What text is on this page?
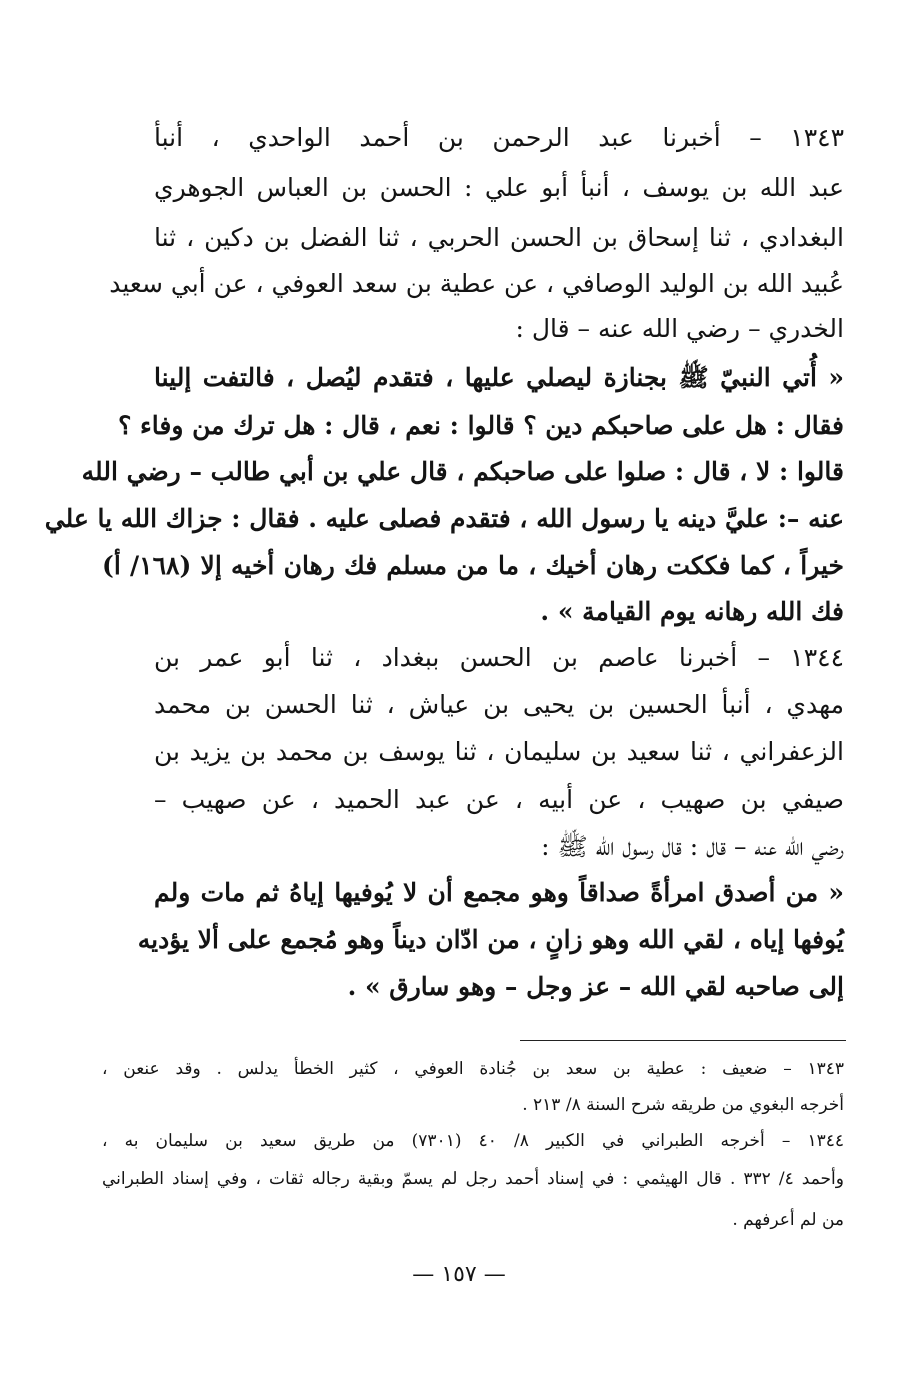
١٣٤٣ – أخبرنا عبد الرحمن بن أحمد الواحدي ، أنبأ
عبد الله بن يوسف ، أنبأ أبو علي : الحسن بن العباس الجوهري
البغدادي ، ثنا إسحاق بن الحسن الحربي ، ثنا الفضل بن دكين ، ثنا
عُبيد الله بن الوليد الوصافي ، عن عطية بن سعد العوفي ، عن أبي سعيد
الخدري – رضي الله عنه – قال :
« أُتي النبيّ ﷺ بجنازة ليصلي عليها ، فتقدم ليُصل ، فالتفت إلينا
فقال : هل على صاحبكم دين ؟ قالوا : نعم ، قال : هل ترك من وفاء ؟
قالوا : لا ، قال : صلوا على صاحبكم ، قال علي بن أبي طالب – رضي الله
عنه –: عليَّ دينه يا رسول الله ، فتقدم فصلى عليه . فقال : جزاك الله يا علي
خيراً ، كما فككت رهان أخيك ، ما من مسلم فك رهان أخيه إلا (١٦٨/ أ)
فك الله رهانه يوم القيامة » .
١٣٤٤ – أخبرنا عاصم بن الحسن ببغداد ، ثنا أبو عمر بن
مهدي ، أنبأ الحسين بن يحيى بن عياش ، ثنا الحسن بن محمد
الزعفراني ، ثنا سعيد بن سليمان ، ثنا يوسف بن محمد بن يزيد بن
صيفي بن صهيب ، عن أبيه ، عن عبد الحميد ، عن صهيب –
رضي الله عنه – قال : قال رسول الله ﷺ :
« من أصدق امرأةً صداقاً وهو مجمع أن لا يُوفيها إياهُ ثم مات ولم
يُوفها إياه ، لقي الله وهو زانٍ ، من ادّان ديناً وهو مُجمع على ألا يؤديه
إلى صاحبه لقي الله – عز وجل – وهو سارق » .
١٣٤٣ – ضعيف : عطية بن سعد بن جُنادة العوفي ، كثير الخطأ يدلس . وقد عنعن ،
أخرجه البغوي من طريقه شرح السنة ٨/ ٢١٣ .
١٣٤٤ – أخرجه الطبراني في الكبير ٨/ ٤٠ (٧٣٠١) من طريق سعيد بن سليمان به ،
وأحمد ٤/ ٣٣٢ . قال الهيثمي : في إسناد أحمد رجل لم يسمّ وبقية رجاله ثقات ، وفي إسناد الطبراني
من لم أعرفهم .
— ١٥٧ —
